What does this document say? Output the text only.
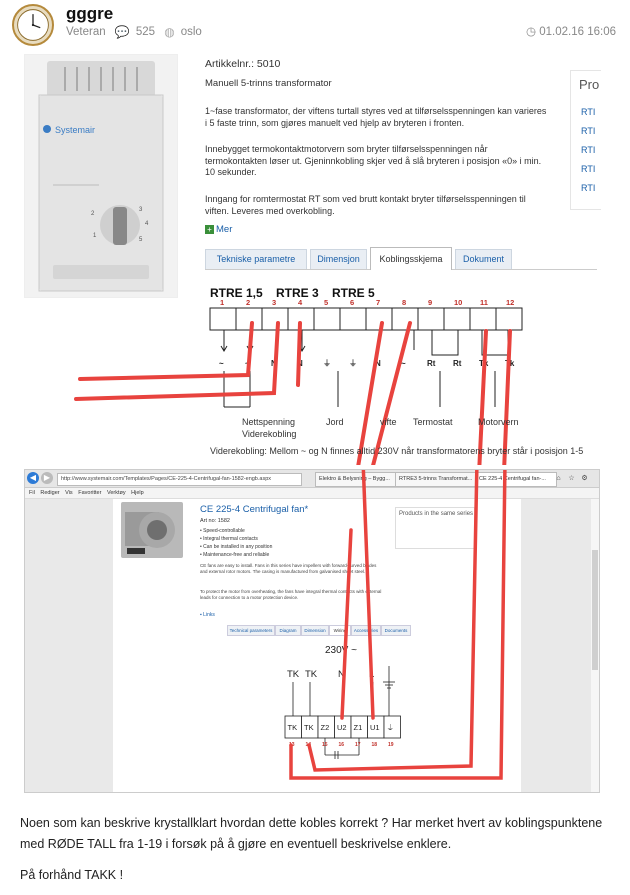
gggre
Veteran 💬 525 ◍ oslo	◷ 01.02.16 16:06
Systemair
2
1
3
4
5
Artikkelnr.: 5010
Manuell 5-trinns transformator
1~fase transformator, der viftens turtall styres ved at tilførselsspenningen kan varieres i 5 faste trinn, som gjøres manuelt ved hjelp av bryteren i fronten.
Innebygget termokontaktmotorvern som bryter tilførselsspenningen når termokontakten løser ut. Gjeninnkobling skjer ved å slå bryteren i posisjon «0» i min. 10 sekunder.
Inngang for romtermostat RT som ved brutt kontakt bryter tilførselsspenningen til viften. Leveres med overkobling.
+ Mer
Pro
RTI
RTI
RTI
RTI
RTI
Tekniske parametre	Dimensjon	Koblingsskjema	Dokument
RTRE 1,5 RTRE 3 RTRE 5
1	2	3	4	5	6	7	8	9	10 11 12
~	~	N	N	⏚ ⏚ N	~	Rt Rt Tk Tk
Nettspenning
Viderekobling
Jord	vifte Termostat	Motorvern
Viderekobling: Mellom ~ og N finnes alltid 230V når transformatorens bryter står i posisjon 1-5
◀ ▶	http://www.systemair.com/Templates/Pages/CE-225-4-Centrifugal-fan-1582-engb.aspx	Elektro & Belysning – Bygg...	RTRE3 5-trinns Transformat...	CE 225-4 Centrifugal fan-...	⌂	☆ ⚙
Fil Rediger Vis Favoritter Verktøy Hjelp
CE 225-4 Centrifugal fan*
Art no: 1582
• Speed-controllable
• Integral thermal contacts
• Can be installed in any position
• Maintenance-free and reliable
CE fans are easy to install. Fans in this series have impellers with forward-curved blades and external rotor motors. The casing is manufactured from galvanised sheet steel.
To protect the motor from overheating, the fans have integral thermal contacts with external leads for connection to a motor protection device.
▪ Links
Products in the same series
Technical parameters	Diagram	Dimension	Wiring	Accessories	Documents
230V ~
TK TK N	L
TK TK Z2 U2 Z1 U1 ⏚
13 14 15 16 17 18 19
Noen som kan beskrive krystallklart hvordan dette kobles korrekt ? Har merket hvert av koblingspunktene med RØDE TALL fra 1-19 i forsøk på å gjøre en eventuell beskrivelse enklere.
På forhånd TAKK !
